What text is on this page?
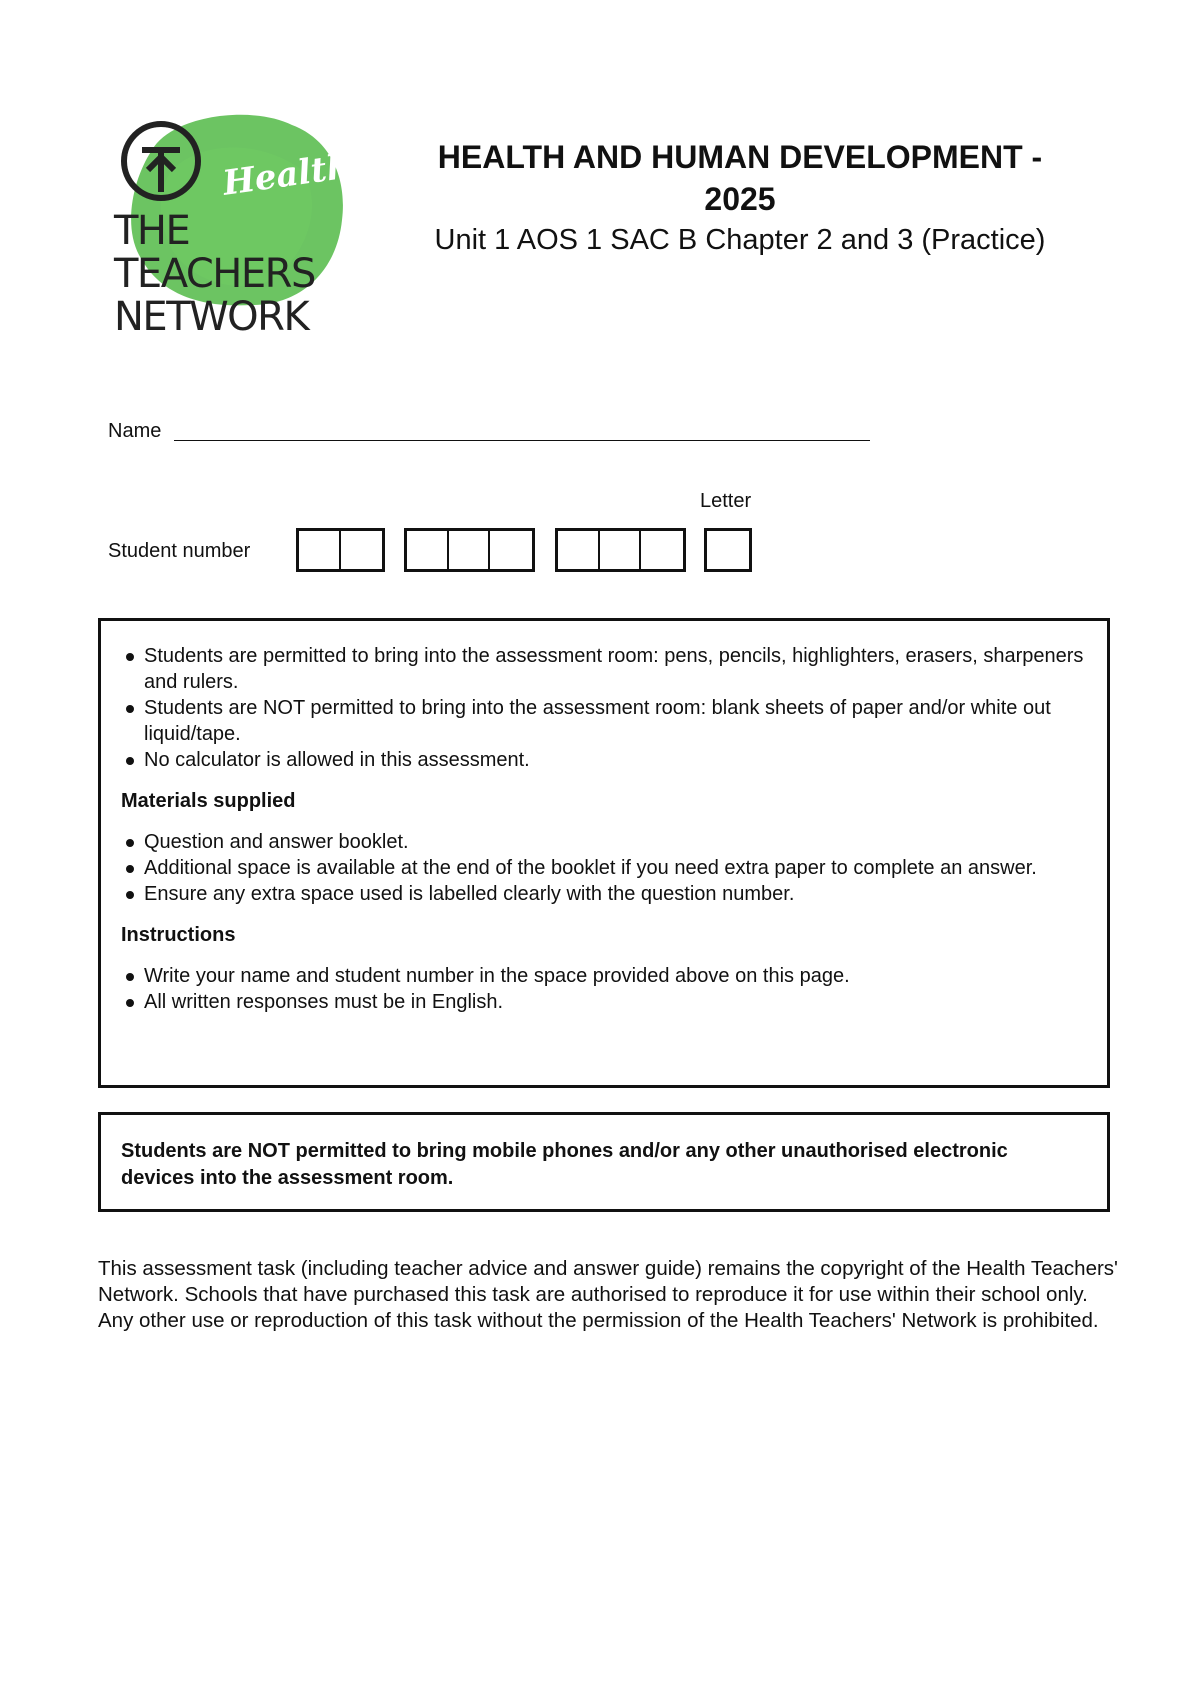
Health
THE
TEACHERS
NETWORK
HEALTH AND HUMAN DEVELOPMENT -
2025
Unit 1 AOS 1 SAC B Chapter 2 and 3 (Practice)
Name
Letter
Student number
Students are permitted to bring into the assessment room: pens, pencils, highlighters, erasers, sharpeners and rulers.
Students are NOT permitted to bring into the assessment room: blank sheets of paper and/or white out liquid/tape.
No calculator is allowed in this assessment.
Materials supplied
Question and answer booklet.
Additional space is available at the end of the booklet if you need extra paper to complete an answer.
Ensure any extra space used is labelled clearly with the question number.
Instructions
Write your name and student number in the space provided above on this page.
All written responses must be in English.
Students are NOT permitted to bring mobile phones and/or any other unauthorised electronic devices into the assessment room.
This assessment task (including teacher advice and answer guide) remains the copyright of the Health Teachers' Network. Schools that have purchased this task are authorised to reproduce it for use within their school only. Any other use or reproduction of this task without the permission of the Health Teachers' Network is prohibited.
